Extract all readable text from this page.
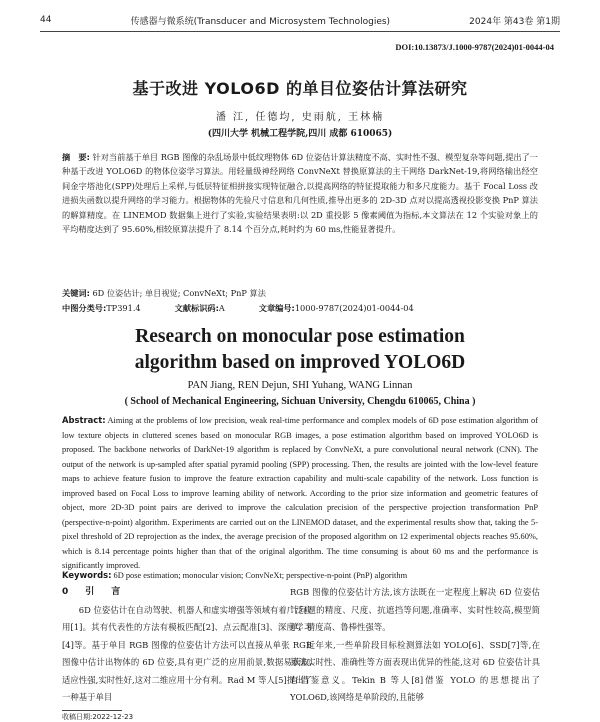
44	传感器与微系统(Transducer and Microsystem Technologies)	2024年 第43卷 第1期
DOI:10.13873/J.1000-9787(2024)01-0044-04
基于改进 YOLO6D 的单目位姿估计算法研究
潘 江, 任德均, 史雨航, 王林楠
(四川大学 机械工程学院,四川 成都 610065)
摘　要: 针对当前基于单目 RGB 图像的杂乱场景中低纹理物体 6D 位姿估计算法精度不高、实时性不强、模型复杂等问题,提出了一种基于改进 YOLO6D 的物体位姿学习算法。用轻量级神经网络 ConvNeXt 替换原算法的主干网络 DarkNet-19,将网络输出经空间金字塔池化(SPP)处理后上采样,与低层特征相拼接实现特征融合,以提高网络的特征提取能力和多尺度能力。基于 Focal Loss 改进损失函数以提升网络的学习能力。根据物体的先验尺寸信息和几何性质,推导出更多的 2D-3D 点对以提高透视投影变换 PnP 算法的解算精度。在 LINEMOD 数据集上进行了实验,实验结果表明:以 2D 重投影 5 像素阈值为指标,本文算法在 12 个实验对象上的平均精度达到了 95.60%,相较原算法提升了 8.14 个百分点,耗时约为 60 ms,性能显著提升。
关键词: 6D 位姿估计; 单目视觉; ConvNeXt; PnP 算法
中图分类号:TP391.4	文献标识码:A	文章编号:1000-9787(2024)01-0044-04
Research on monocular pose estimation algorithm based on improved YOLO6D
PAN Jiang, REN Dejun, SHI Yuhang, WANG Linnan
( School of Mechanical Engineering, Sichuan University, Chengdu 610065, China )
Abstract: Aiming at the problems of low precision, weak real-time performance and complex models of 6D pose estimation algorithm of low texture objects in cluttered scenes based on monocular RGB images, a pose estimation algorithm based on improved YOLO6D is proposed. The backbone networks of DarkNet-19 algorithm is replaced by ConvNeXt, a pure convolutional neural network (CNN). The output of the network is up-sampled after spatial pyramid pooling (SPP) processing. Then, the results are jointed with the low-level feature maps to achieve feature fusion to improve the feature extraction capability and multi-scale capability of the network. Loss function is improved based on Focal Loss to improve learning ability of network. According to the prior size information and geometric features of object, more 2D-3D point pairs are derived to improve the calculation precision of the perspective projection transformation PnP (perspective-n-point) algorithm. Experiments are carried out on the LINEMOD dataset, and the experimental results show that, taking the 5-pixel threshold of 2D reprojection as the index, the average precision of the proposed algorithm on 12 experimental objects reaches 95.60%, which is 8.14 percentage points higher than that of the original algorithm. The time consuming is about 60 ms and the performance is significantly improved.
Keywords: 6D pose estimation; monocular vision; ConvNeXt; perspective-n-point (PnP) algorithm
0　引　言
6D 位姿估计在自动驾驶、机器人和虚实增强等领域有着广泛应用[1]。其有代表性的方法有模板匹配[2]、点云配准[3]、深度学习[4]等。基于单目 RGB 图像的位姿估计方法可以直接从单张 RGB 图像中估计出物体的 6D 位姿,具有更广泛的应用前景,数据易获取,适应性强,实时性好,这对二维应用十分有利。Rad M 等人[5]提出了一种基于单目
RGB 图像的位姿估计方法,该方法既在一定程度上解决 6D 位姿估计问题的精度、尺度、抗遮挡等问题,准确率、实时性较高,模型简单、精度高、鲁棒性强等。
近年来,一些单阶段目标检测算法如 YOLO[6]、SSD[7]等,在算法实时性、准确性等方面表现出优异的性能,这对 6D 位姿估计具有借鉴意义。Tekin B 等人[8]借鉴 YOLO 的思想提出了 YOLO6D,该网络是单阶段的,且能够
收稿日期:2022-12-23
